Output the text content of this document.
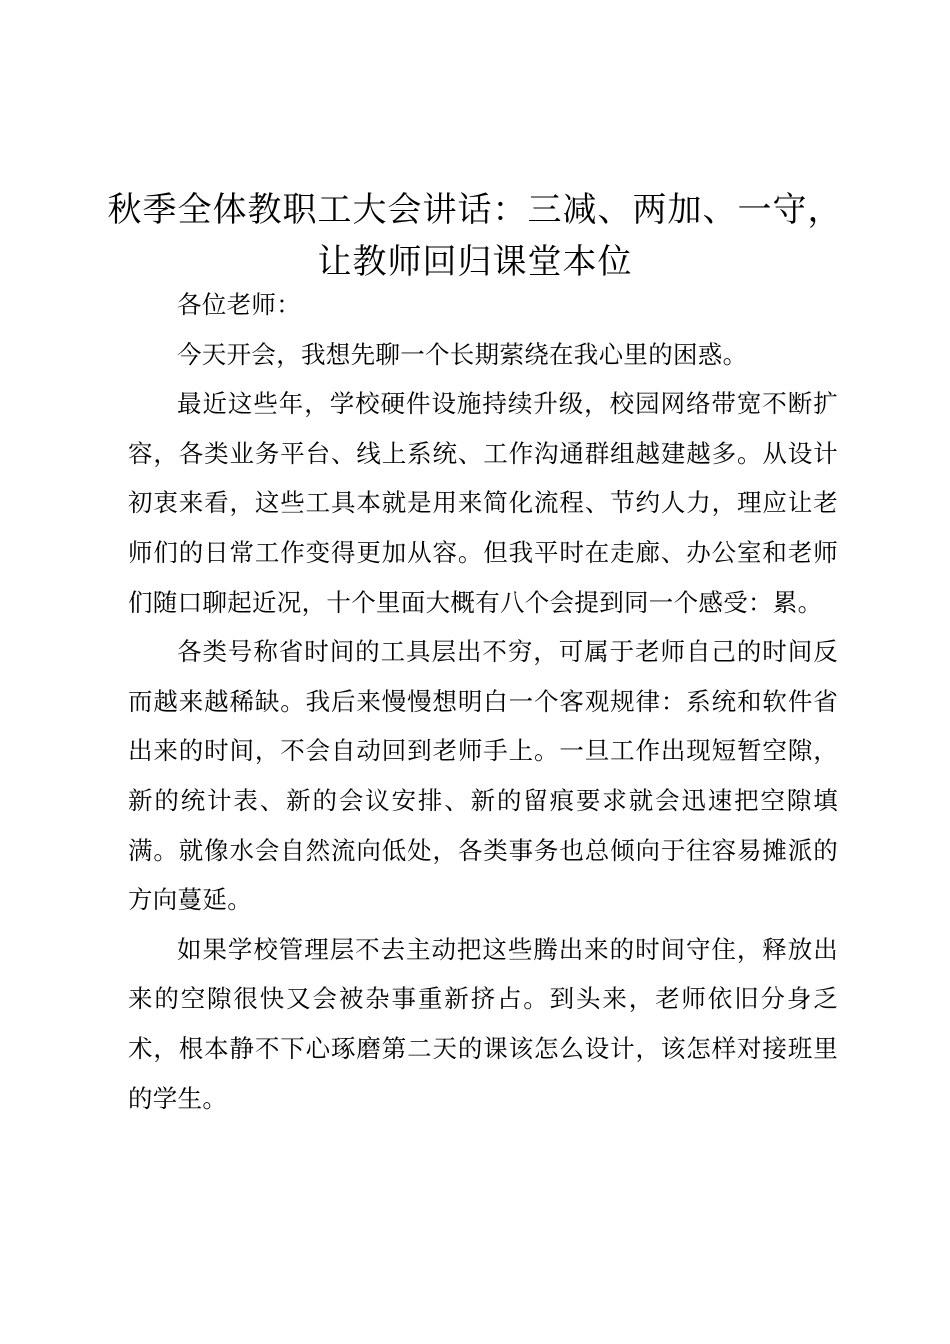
秋季全体教职工大会讲话：三减、两加、一守，
让教师回归课堂本位

各位老师：

今天开会，我想先聊一个长期萦绕在我心里的困惑。

最近这些年，学校硬件设施持续升级，校园网络带宽不断扩容，各类业务平台、线上系统、工作沟通群组越建越多。从设计初衷来看，这些工具本就是用来简化流程、节约人力，理应让老师们的日常工作变得更加从容。但我平时在走廊、办公室和老师们随口聊起近况，十个里面大概有八个会提到同一个感受：累。

各类号称省时间的工具层出不穷，可属于老师自己的时间反而越来越稀缺。我后来慢慢想明白一个客观规律：系统和软件省出来的时间，不会自动回到老师手上。一旦工作出现短暂空隙，新的统计表、新的会议安排、新的留痕要求就会迅速把空隙填满。就像水会自然流向低处，各类事务也总倾向于往容易摊派的方向蔓延。

如果学校管理层不去主动把这些腾出来的时间守住，释放出来的空隙很快又会被杂事重新挤占。到头来，老师依旧分身乏术，根本静不下心琢磨第二天的课该怎么设计，该怎样对接班里的学生。
